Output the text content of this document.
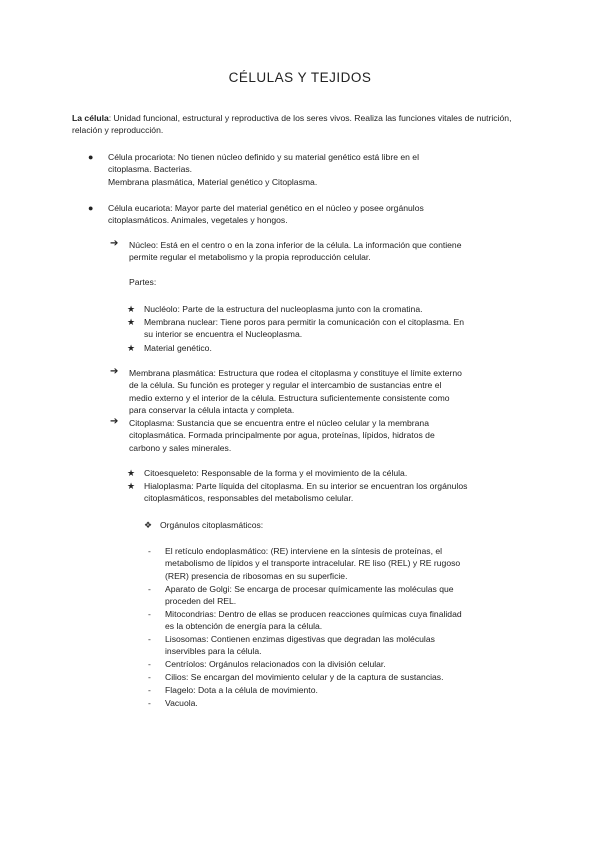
CÉLULAS Y TEJIDOS
La célula: Unidad funcional, estructural y reproductiva de los seres vivos. Realiza las funciones vitales de nutrición, relación y reproducción.
● Célula procariota: No tienen núcleo definido y su material genético está libre en el
citoplasma. Bacterias.
Membrana plasmática, Material genético y Citoplasma.
● Célula eucariota: Mayor parte del material genético en el núcleo y posee orgánulos
citoplasmáticos. Animales, vegetales y hongos.
➔ Núcleo: Está en el centro o en la zona inferior de la célula. La información que contiene
permite regular el metabolismo y la propia reproducción celular.
Partes:
★ Nucléolo: Parte de la estructura del nucleoplasma junto con la cromatina.
★ Membrana nuclear: Tiene poros para permitir la comunicación con el citoplasma. En
su interior se encuentra el Nucleoplasma.
★ Material genético.
➔ Membrana plasmática: Estructura que rodea el citoplasma y constituye el límite externo
de la célula. Su función es proteger y regular el intercambio de sustancias entre el
medio externo y el interior de la célula. Estructura suficientemente consistente como
para conservar la célula intacta y completa.
➔ Citoplasma: Sustancia que se encuentra entre el núcleo celular y la membrana
citoplasmática. Formada principalmente por agua, proteínas, lípidos, hidratos de
carbono y sales minerales.
★ Citoesqueleto: Responsable de la forma y el movimiento de la célula.
★ Hialoplasma: Parte líquida del citoplasma. En su interior se encuentran los orgánulos
citoplasmáticos, responsables del metabolismo celular.
❖ Orgánulos citoplasmáticos:
- El retículo endoplasmático: (RE) interviene en la síntesis de proteínas, el
metabolismo de lípidos y el transporte intracelular. RE liso (REL) y RE rugoso
(RER) presencia de ribosomas en su superficie.
- Aparato de Golgi: Se encarga de procesar químicamente las moléculas que
proceden del REL.
- Mitocondrias: Dentro de ellas se producen reacciones químicas cuya finalidad
es la obtención de energía para la célula.
- Lisosomas: Contienen enzimas digestivas que degradan las moléculas
inservibles para la célula.
- Centríolos: Orgánulos relacionados con la división celular.
- Cilios: Se encargan del movimiento celular y de la captura de sustancias.
- Flagelo: Dota a la célula de movimiento.
- Vacuola.
